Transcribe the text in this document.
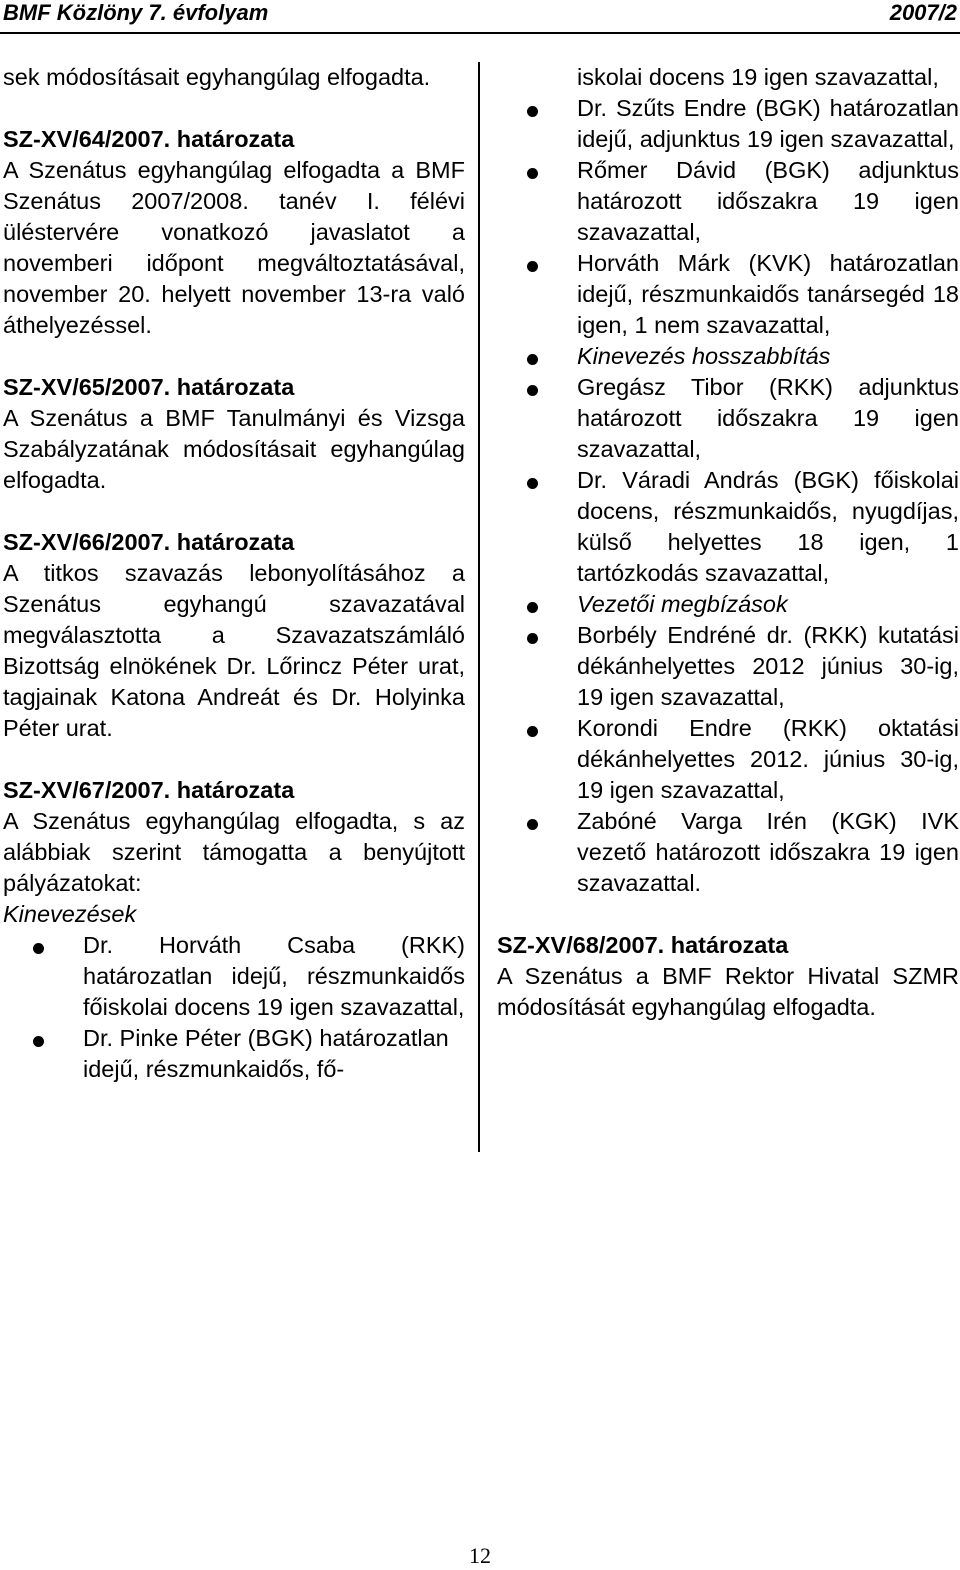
BMF Közlöny 7. évfolyam	2007/2
sek módosításait egyhangúlag elfogadta.
SZ-XV/64/2007. határozata
A Szenátus egyhangúlag elfogadta a BMF Szenátus 2007/2008. tanév I. félévi üléstervére vonatkozó javaslatot a novemberi időpont megváltoztatásával, november 20. helyett november 13-ra való áthelyezéssel.
SZ-XV/65/2007. határozata
A Szenátus a BMF Tanulmányi és Vizsga Szabályzatának módosításait egyhangúlag elfogadta.
SZ-XV/66/2007. határozata
A titkos szavazás lebonyolításához a Szenátus egyhangú szavazatával megválasztotta a Szavazatszámláló Bizottság elnökének Dr. Lőrincz Péter urat, tagjainak Katona Andreát és Dr. Holyinka Péter urat.
SZ-XV/67/2007. határozata
A Szenátus egyhangúlag elfogadta, s az alábbiak szerint támogatta a benyújtott pályázatokat:
Kinevezések
Dr. Horváth Csaba (RKK) határozatlan idejű, részmunkaidős főiskolai docens 19 igen szavazattal,
Dr. Pinke Péter (BGK) határozatlan idejű, részmunkaidős, fő-
iskolai docens 19 igen szavazattal,
Dr. Szűts Endre (BGK) határozatlan idejű, adjunktus 19 igen szavazattal,
Rőmer Dávid (BGK) adjunktus határozott időszakra 19 igen szavazattal,
Horváth Márk (KVK) határozatlan idejű, részmunkaidős tanársegéd 18 igen, 1 nem szavazattal,
Kinevezés hosszabbítás
Gregász Tibor (RKK) adjunktus határozott időszakra 19 igen szavazattal,
Dr. Váradi András (BGK) főiskolai docens, részmunkaidős, nyugdíjas, külső helyettes 18 igen, 1 tartózkodás szavazattal,
Vezetői megbízások
Borbély Endréné dr. (RKK) kutatási dékánhelyettes 2012 június 30-ig, 19 igen szavazattal,
Korondi Endre (RKK) oktatási dékánhelyettes 2012. június 30-ig, 19 igen szavazattal,
Zabóné Varga Irén (KGK) IVK vezető határozott időszakra 19 igen szavazattal.
SZ-XV/68/2007. határozata
A Szenátus a BMF Rektor Hivatal SZMR módosítását egyhangúlag elfogadta.
12
